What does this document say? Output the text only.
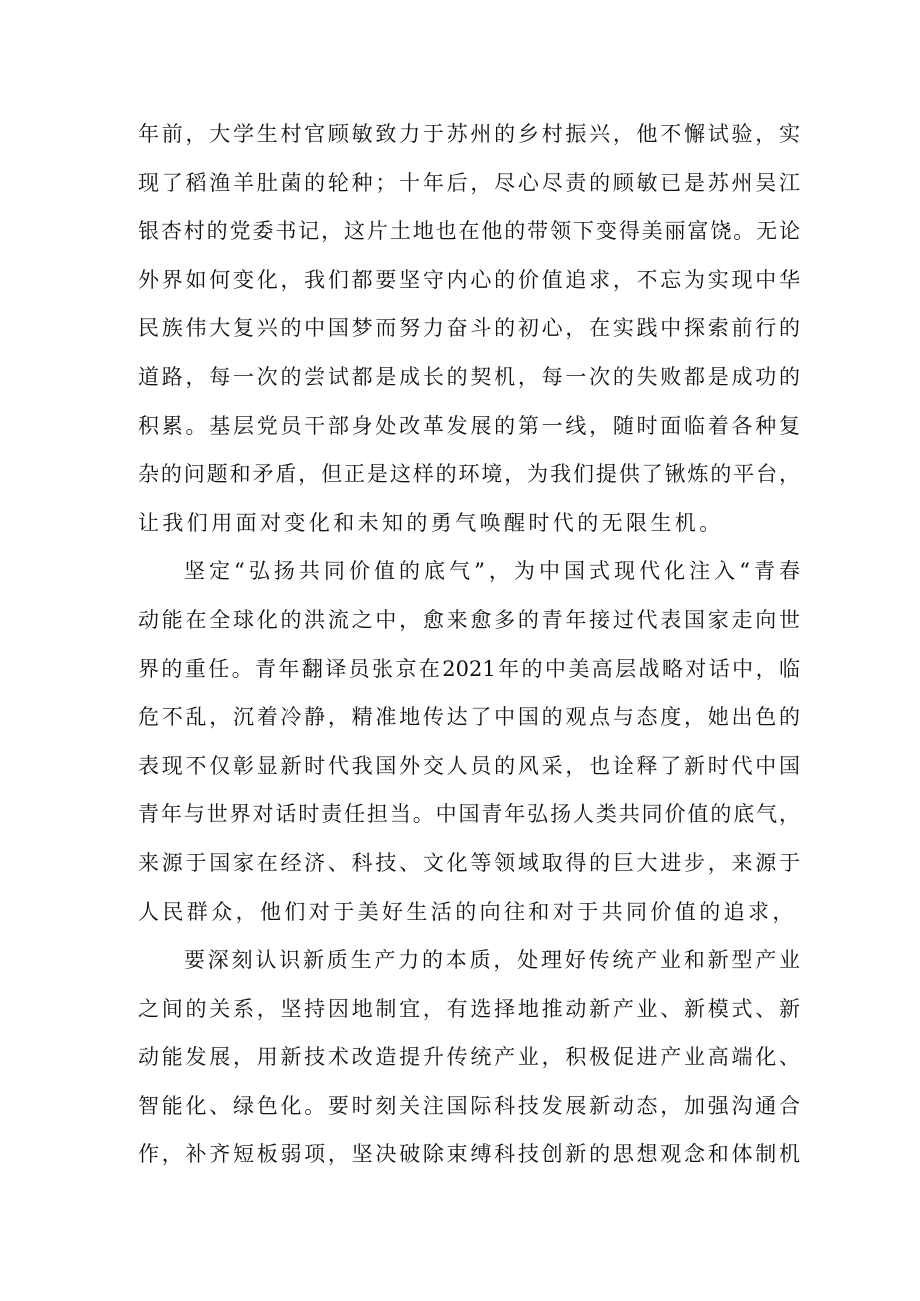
年前，大学生村官顾敏致力于苏州的乡村振兴，他不懈试验，实
现了稻渔羊肚菌的轮种；十年后，尽心尽责的顾敏已是苏州吴江
银杏村的党委书记，这片土地也在他的带领下变得美丽富饶。无论
外界如何变化，我们都要坚守内心的价值追求，不忘为实现中华
民族伟大复兴的中国梦而努力奋斗的初心，在实践中探索前行的
道路，每一次的尝试都是成长的契机，每一次的失败都是成功的
积累。基层党员干部身处改革发展的第一线，随时面临着各种复
杂的问题和矛盾，但正是这样的环境，为我们提供了锹炼的平台，
让我们用面对变化和未知的勇气唤醒时代的无限生机。
坚定“弘扬共同价值的底气”，为中国式现代化注入“青春
动能在全球化的洪流之中，愈来愈多的青年接过代表国家走向世
界的重任。青年翻译员张京在2021年的中美高层战略对话中，临
危不乱，沉着冷静，精准地传达了中国的观点与态度，她出色的
表现不仅彰显新时代我国外交人员的风采，也诠释了新时代中国
青年与世界对话时责任担当。中国青年弘扬人类共同价值的底气，
来源于国家在经济、科技、文化等领域取得的巨大进步，来源于
人民群众，他们对于美好生活的向往和对于共同价值的追求，
要深刻认识新质生产力的本质，处理好传统产业和新型产业
之间的关系，坚持因地制宜，有选择地推动新产业、新模式、新
动能发展，用新技术改造提升传统产业，积极促进产业高端化、
智能化、绿色化。要时刻关注国际科技发展新动态，加强沟通合
作，补齐短板弱项，坚决破除束缚科技创新的思想观念和体制机
